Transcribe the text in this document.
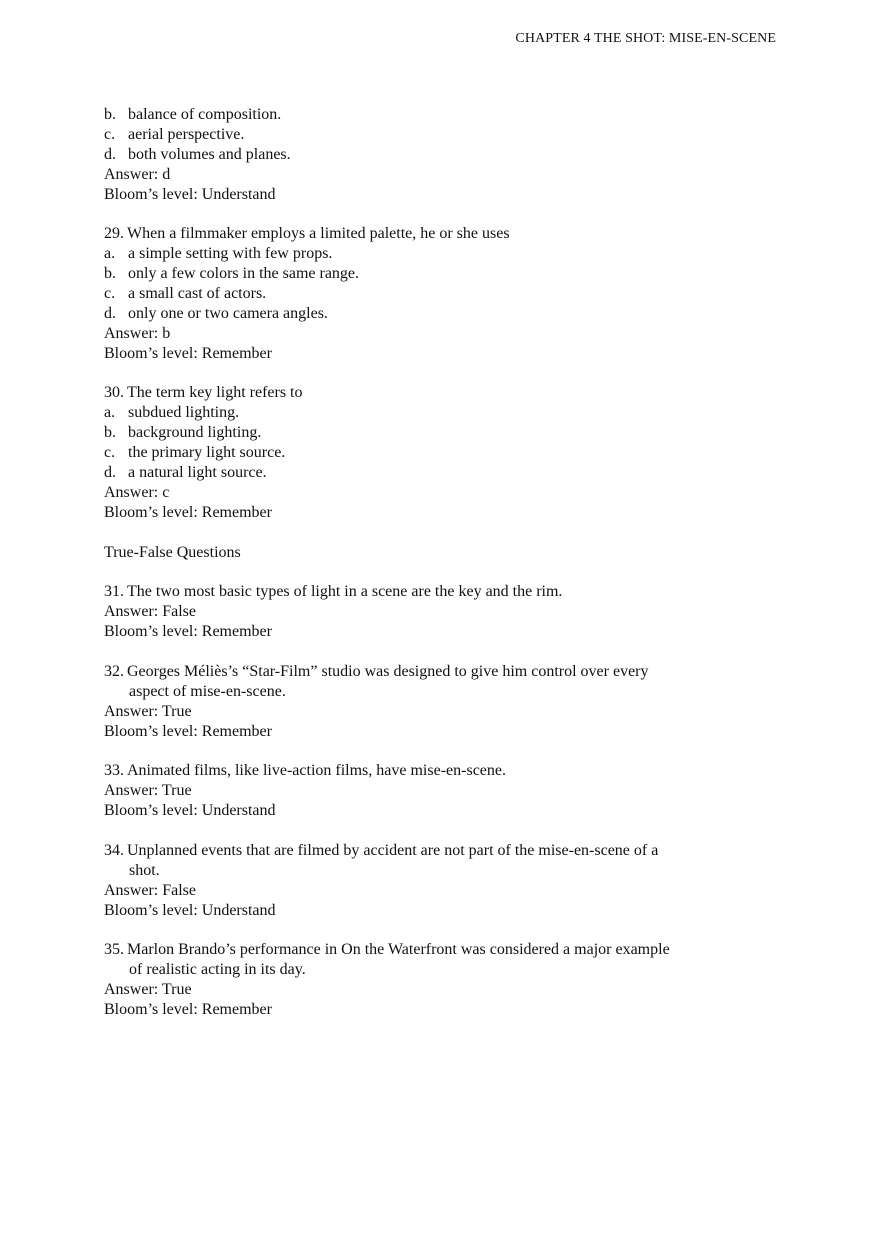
CHAPTER 4 THE SHOT: MISE-EN-SCENE
b. balance of composition.
c. aerial perspective.
d. both volumes and planes.
Answer: d
Bloom’s level: Understand
29. When a filmmaker employs a limited palette, he or she uses
a. a simple setting with few props.
b. only a few colors in the same range.
c. a small cast of actors.
d. only one or two camera angles.
Answer: b
Bloom’s level: Remember
30. The term key light refers to
a. subdued lighting.
b. background lighting.
c. the primary light source.
d. a natural light source.
Answer: c
Bloom’s level: Remember
True-False Questions
31. The two most basic types of light in a scene are the key and the rim.
Answer: False
Bloom’s level: Remember
32. Georges Méliès’s “Star-Film” studio was designed to give him control over every
aspect of mise-en-scene.
Answer: True
Bloom’s level: Remember
33. Animated films, like live-action films, have mise-en-scene.
Answer: True
Bloom’s level: Understand
34. Unplanned events that are filmed by accident are not part of the mise-en-scene of a
shot.
Answer: False
Bloom’s level: Understand
35. Marlon Brando’s performance in On the Waterfront was considered a major example
of realistic acting in its day.
Answer: True
Bloom’s level: Remember
